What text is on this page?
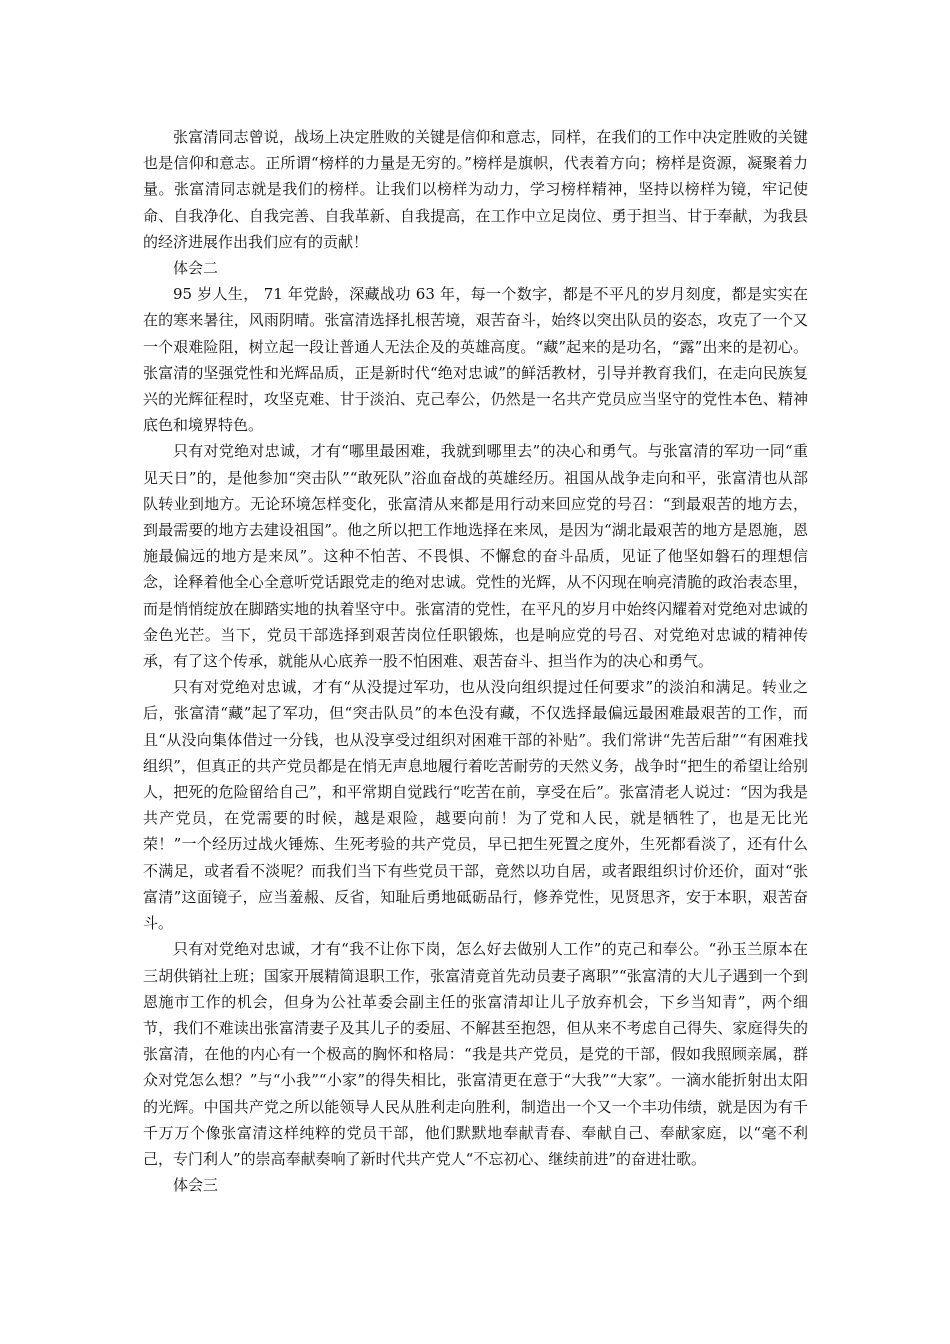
张富清同志曾说，战场上决定胜败的关键是信仰和意志，同样，在我们的工作中决定胜败的关键也是信仰和意志。正所谓“榜样的力量是无穷的。”榜样是旗帜，代表着方向；榜样是资源，凝聚着力量。张富清同志就是我们的榜样。让我们以榜样为动力，学习榜样精神，坚持以榜样为镜，牢记使命、自我净化、自我完善、自我革新、自我提高，在工作中立足岗位、勇于担当、甘于奉献，为我县的经济进展作出我们应有的贡献！

体会二

95 岁人生， 71 年党龄，深藏战功 63 年，每一个数字，都是不平凡的岁月刻度，都是实实在在的寒来暑往，风雨阴晴。张富清选择扎根苦境，艰苦奋斗，始终以突出队员的姿态，攻克了一个又一个艰难险阻，树立起一段让普通人无法企及的英雄高度。“藏”起来的是功名，“露”出来的是初心。张富清的坚强党性和光辉品质，正是新时代“绝对忠诚”的鲜活教材，引导并教育我们，在走向民族复兴的光辉征程时，攻坚克难、甘于淡泊、克己奉公，仍然是一名共产党员应当坚守的党性本色、精神底色和境界特色。

只有对党绝对忠诚，才有“哪里最困难，我就到哪里去”的决心和勇气。与张富清的军功一同“重见天日”的，是他参加“突击队”“敢死队”浴血奋战的英雄经历。祖国从战争走向和平，张富清也从部队转业到地方。无论环境怎样变化，张富清从来都是用行动来回应党的号召：“到最艰苦的地方去，到最需要的地方去建设祖国”。他之所以把工作地选择在来凤，是因为“湖北最艰苦的地方是恩施，恩施最偏远的地方是来凤”。这种不怕苦、不畏惧、不懈怠的奋斗品质，见证了他坚如磐石的理想信念，诠释着他全心全意听党话跟党走的绝对忠诚。党性的光辉，从不闪现在响亮清脆的政治表态里，而是悄悄绽放在脚踏实地的执着坚守中。张富清的党性，在平凡的岁月中始终闪耀着对党绝对忠诚的金色光芒。当下，党员干部选择到艰苦岗位任职锻炼，也是响应党的号召、对党绝对忠诚的精神传承，有了这个传承，就能从心底养一股不怕困难、艰苦奋斗、担当作为的决心和勇气。

只有对党绝对忠诚，才有“从没提过军功，也从没向组织提过任何要求”的淡泊和满足。转业之后，张富清“藏”起了军功，但“突击队员”的本色没有藏，不仅选择最偏远最困难最艰苦的工作，而且“从没向集体借过一分钱，也从没享受过组织对困难干部的补贴”。我们常讲“先苦后甜”“有困难找组织”，但真正的共产党员都是在悄无声息地履行着吃苦耐劳的天然义务，战争时“把生的希望让给别人，把死的危险留给自己”，和平常期自觉践行“吃苦在前，享受在后”。张富清老人说过：“因为我是共产党员，在党需要的时候，越是艰险，越要向前！为了党和人民，就是牺牲了，也是无比光荣！”一个经历过战火锤炼、生死考验的共产党员，早已把生死置之度外，生死都看淡了，还有什么不满足，或者看不淡呢？而我们当下有些党员干部，竟然以功自居，或者跟组织讨价还价，面对“张富清”这面镜子，应当羞赧、反省，知耻后勇地砥砺品行，修养党性，见贤思齐，安于本职，艰苦奋斗。

只有对党绝对忠诚，才有“我不让你下岗，怎么好去做别人工作”的克己和奉公。“孙玉兰原本在三胡供销社上班；国家开展精简退职工作，张富清竟首先动员妻子离职”“张富清的大儿子遇到一个到恩施市工作的机会，但身为公社革委会副主任的张富清却让儿子放弃机会，下乡当知青”，两个细节，我们不难读出张富清妻子及其儿子的委屈、不解甚至抱怨，但从来不考虑自己得失、家庭得失的张富清，在他的内心有一个极高的胸怀和格局：“我是共产党员，是党的干部，假如我照顾亲属，群众对党怎么想？”与“小我”“小家”的得失相比，张富清更在意于“大我”“大家”。一滴水能折射出太阳的光辉。中国共产党之所以能领导人民从胜利走向胜利，制造出一个又一个丰功伟绩，就是因为有千千万万个像张富清这样纯粹的党员干部，他们默默地奉献青春、奉献自己、奉献家庭，以“毫不利己，专门利人”的崇高奉献奏响了新时代共产党人“不忘初心、继续前进”的奋进壮歌。

体会三
